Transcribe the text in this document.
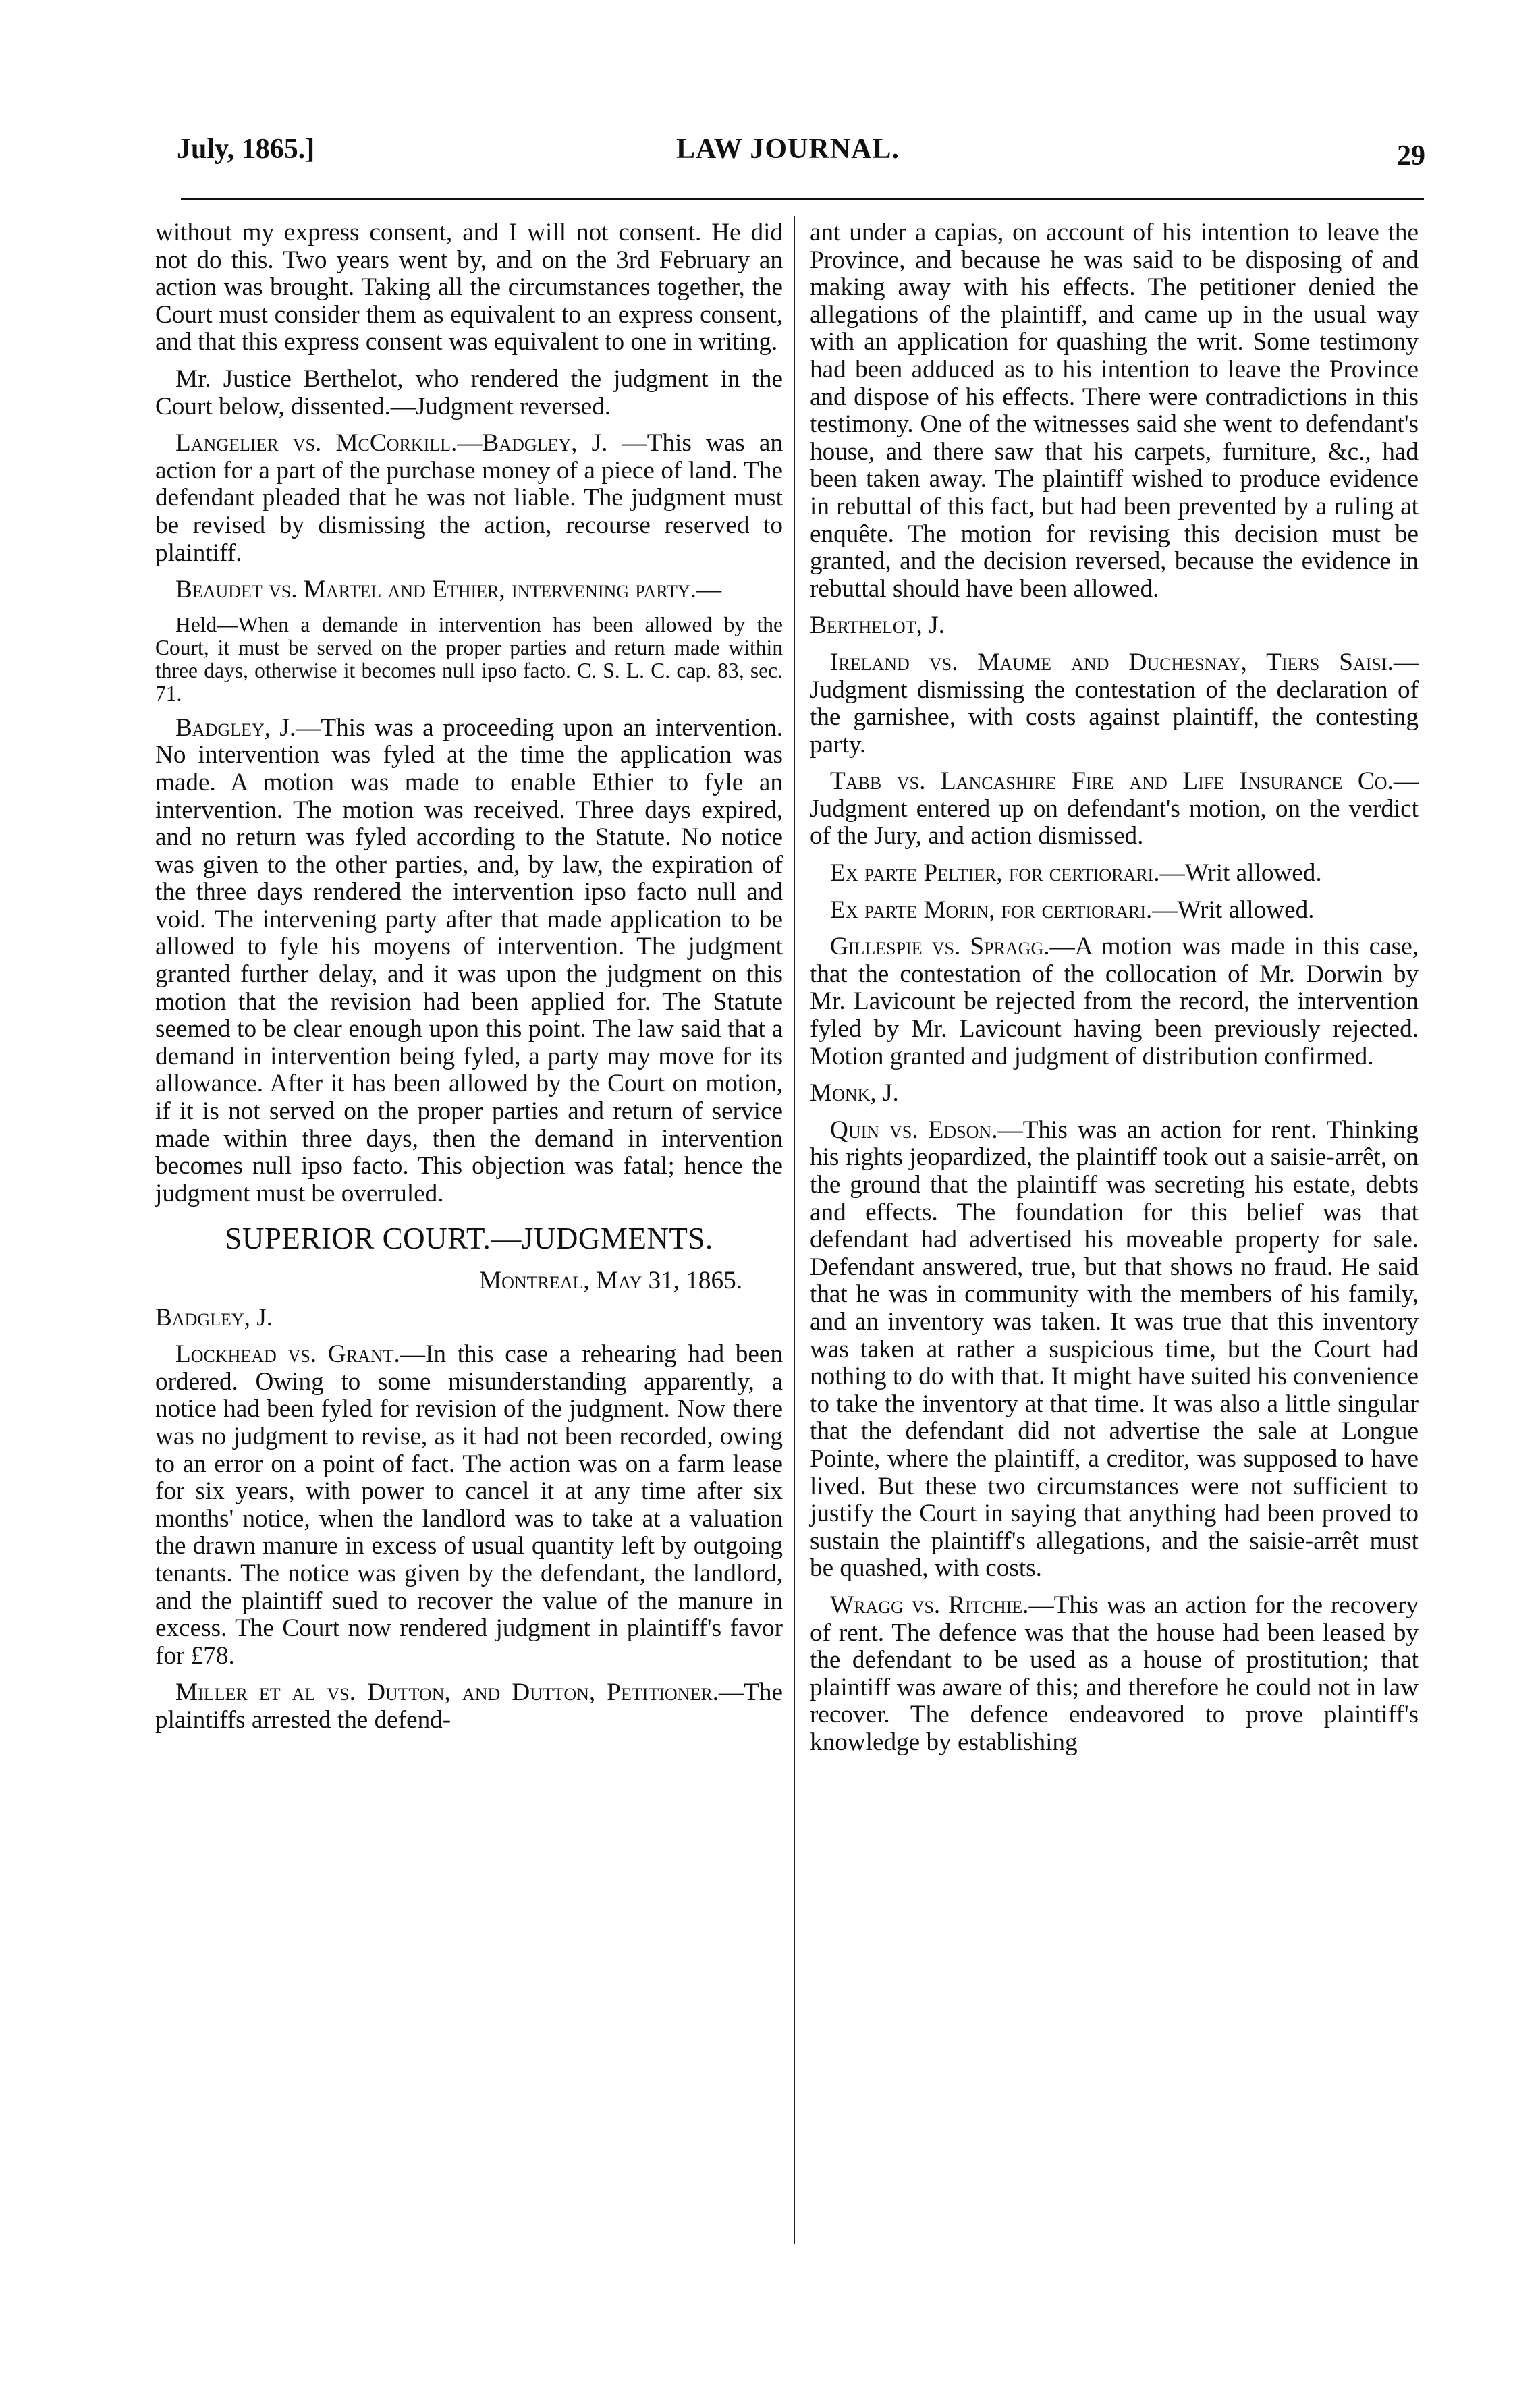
July, 1865.]	LAW JOURNAL.	29

without my express consent, and I will not consent. He did not do this. Two years went by, and on the 3rd February an action was brought. Taking all the circumstances together, the Court must consider them as equivalent to an express consent, and that this express consent was equivalent to one in writing.

Mr. Justice Berthelot, who rendered the judgment in the Court below, dissented.—Judgment reversed.

Langelier vs. McCorkill.—Badgley, J. —This was an action for a part of the purchase money of a piece of land. The defendant pleaded that he was not liable. The judgment must be revised by dismissing the action, recourse reserved to plaintiff.

Beaudet vs. Martel and Ethier, intervening party.—

Held—When a demande in intervention has been allowed by the Court, it must be served on the proper parties and return made within three days, otherwise it becomes null ipso facto. C. S. L. C. cap. 83, sec. 71.

Badgley, J.—This was a proceeding upon an intervention. No intervention was fyled at the time the application was made. A motion was made to enable Ethier to fyle an intervention. The motion was received. Three days expired, and no return was fyled according to the Statute. No notice was given to the other parties, and, by law, the expiration of the three days rendered the intervention ipso facto null and void. The intervening party after that made application to be allowed to fyle his moyens of intervention. The judgment granted further delay, and it was upon the judgment on this motion that the revision had been applied for. The Statute seemed to be clear enough upon this point. The law said that a demand in intervention being fyled, a party may move for its allowance. After it has been allowed by the Court on motion, if it is not served on the proper parties and return of service made within three days, then the demand in intervention becomes null ipso facto. This objection was fatal; hence the judgment must be overruled.

SUPERIOR COURT.—JUDGMENTS.

Montreal, May 31, 1865.

Badgley, J.

Lockhead vs. Grant.—In this case a rehearing had been ordered. Owing to some misunderstanding apparently, a notice had been fyled for revision of the judgment. Now there was no judgment to revise, as it had not been recorded, owing to an error on a point of fact. The action was on a farm lease for six years, with power to cancel it at any time after six months' notice, when the landlord was to take at a valuation the drawn manure in excess of usual quantity left by outgoing tenants. The notice was given by the defendant, the landlord, and the plaintiff sued to recover the value of the manure in excess. The Court now rendered judgment in plaintiff's favor for £78.

Miller et al vs. Dutton, and Dutton, Petitioner.—The plaintiffs arrested the defend-

ant under a capias, on account of his intention to leave the Province, and because he was said to be disposing of and making away with his effects. The petitioner denied the allegations of the plaintiff, and came up in the usual way with an application for quashing the writ. Some testimony had been adduced as to his intention to leave the Province and dispose of his effects. There were contradictions in this testimony. One of the witnesses said she went to defendant's house, and there saw that his carpets, furniture, &c., had been taken away. The plaintiff wished to produce evidence in rebuttal of this fact, but had been prevented by a ruling at enquête. The motion for revising this decision must be granted, and the decision reversed, because the evidence in rebuttal should have been allowed.

Berthelot, J.

Ireland vs. Maume and Duchesnay, Tiers Saisi.—Judgment dismissing the contestation of the declaration of the garnishee, with costs against plaintiff, the contesting party.

Tabb vs. Lancashire Fire and Life Insurance Co.—Judgment entered up on defendant's motion, on the verdict of the Jury, and action dismissed.

Ex parte Peltier, for certiorari.—Writ allowed.

Ex parte Morin, for certiorari.—Writ allowed.

Gillespie vs. Spragg.—A motion was made in this case, that the contestation of the collocation of Mr. Dorwin by Mr. Lavicount be rejected from the record, the intervention fyled by Mr. Lavicount having been previously rejected. Motion granted and judgment of distribution confirmed.

Monk, J.

Quin vs. Edson.—This was an action for rent. Thinking his rights jeopardized, the plaintiff took out a saisie-arrêt, on the ground that the plaintiff was secreting his estate, debts and effects. The foundation for this belief was that defendant had advertised his moveable property for sale. Defendant answered, true, but that shows no fraud. He said that he was in community with the members of his family, and an inventory was taken. It was true that this inventory was taken at rather a suspicious time, but the Court had nothing to do with that. It might have suited his convenience to take the inventory at that time. It was also a little singular that the defendant did not advertise the sale at Longue Pointe, where the plaintiff, a creditor, was supposed to have lived. But these two circumstances were not sufficient to justify the Court in saying that anything had been proved to sustain the plaintiff's allegations, and the saisie-arrêt must be quashed, with costs.

Wragg vs. Ritchie.—This was an action for the recovery of rent. The defence was that the house had been leased by the defendant to be used as a house of prostitution; that plaintiff was aware of this; and therefore he could not in law recover. The defence endeavored to prove plaintiff's knowledge by establishing
